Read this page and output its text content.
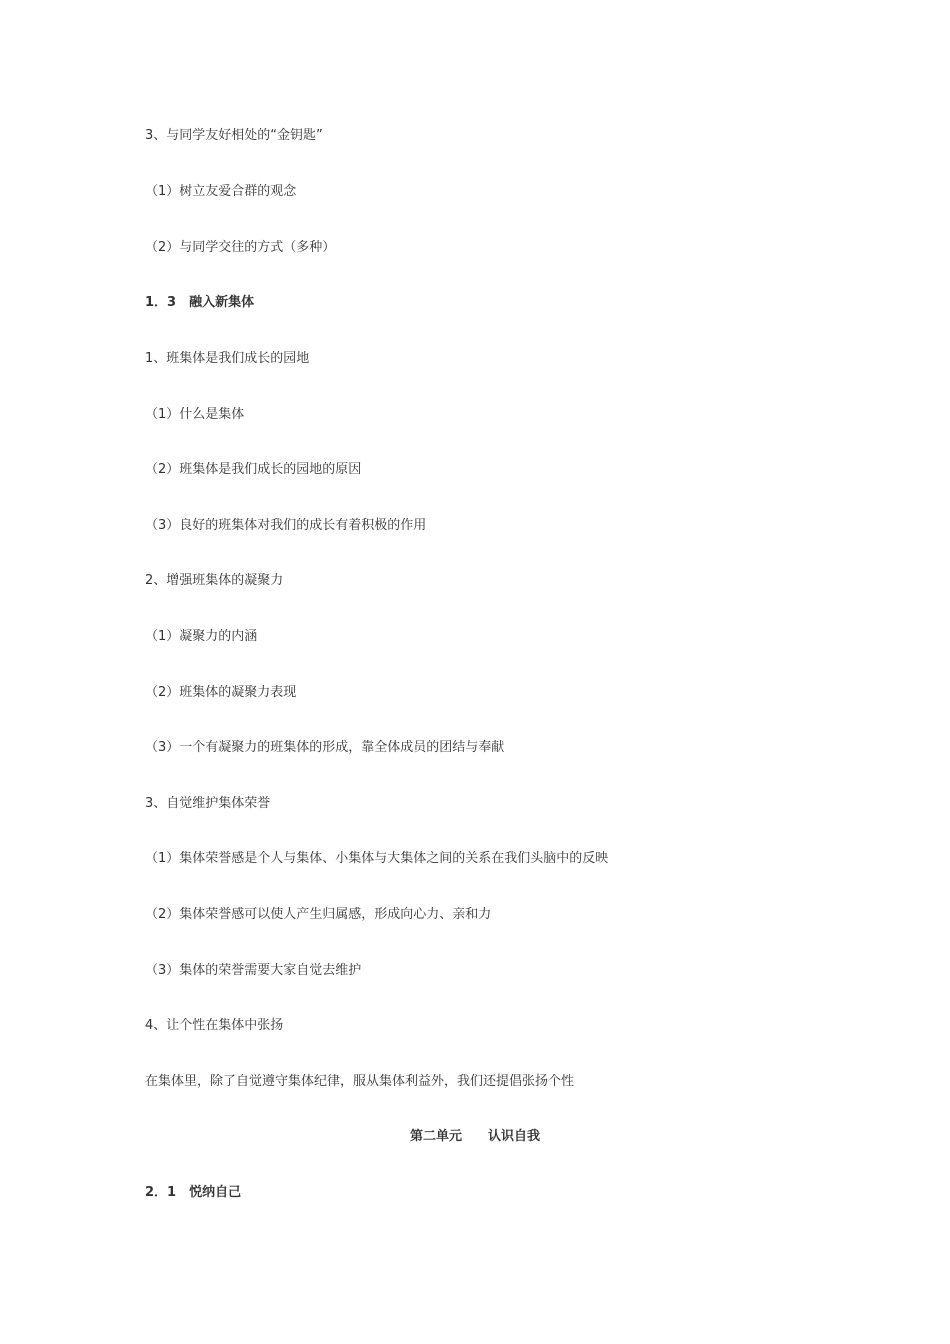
3、与同学友好相处的“金钥匙”
（1）树立友爱合群的观念
（2）与同学交往的方式（多种）
1．3　融入新集体
1、班集体是我们成长的园地
（1）什么是集体
（2）班集体是我们成长的园地的原因
（3）良好的班集体对我们的成长有着积极的作用
2、增强班集体的凝聚力
（1）凝聚力的内涵
（2）班集体的凝聚力表现
（3）一个有凝聚力的班集体的形成，靠全体成员的团结与奉献
3、自觉维护集体荣誉
（1）集体荣誉感是个人与集体、小集体与大集体之间的关系在我们头脑中的反映
（2）集体荣誉感可以使人产生归属感，形成向心力、亲和力
（3）集体的荣誉需要大家自觉去维护
4、让个性在集体中张扬
在集体里，除了自觉遵守集体纪律，服从集体利益外，我们还提倡张扬个性
第二单元　　认识自我
2．1　悦纳自己
